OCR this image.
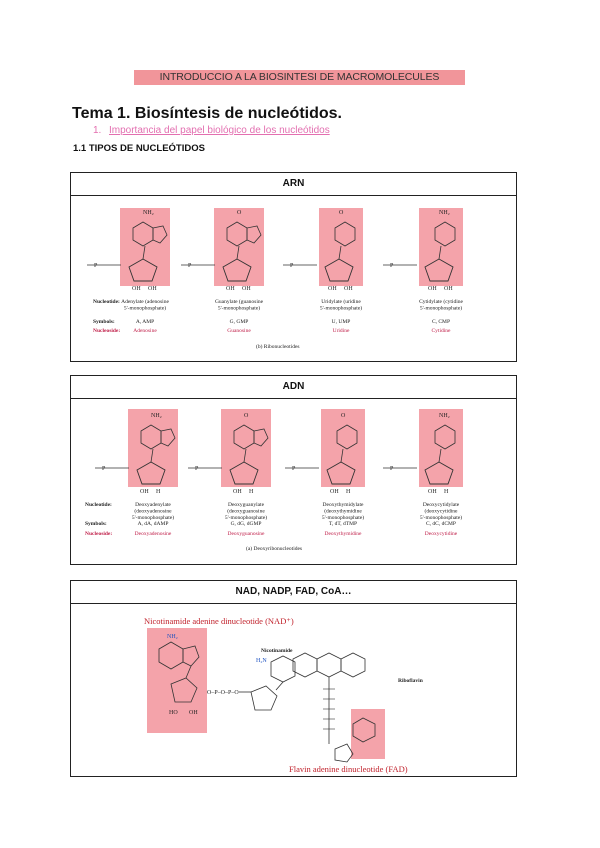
INTRODUCCIO A LA BIOSINTESI DE MACROMOLECULES
Tema 1. Biosíntesis de nucleótidos.
1. Importancia del papel biológico de los nucleótidos
1.1 TIPOS DE NUCLEÓTIDOS
ARN
P
OH OH
NH₂
Adenylate (adenosine
5'-monophosphate)
A, AMP
Adenosine
P
OH OH
O
Guanylate (guanosine
5'-monophosphate)
G, GMP
Guanosine
P
OH OH
O
Uridylate (uridine
5'-monophosphate)
U, UMP
Uridine
P
OH OH
NH₂
Cytidylate (cytidine
5'-monophosphate)
C, CMP
Cytidine
Nucleotide:
Symbols:
Nucleoside:
(b) Ribonucleotides
ADN
P
OH H
NH₂
Deoxyadenylate
(deoxyadenosine
5'-monophosphate)
A, dA, dAMP
Deoxyadenosine
P
OH H
O
Deoxyguanylate
(deoxyguanosine
5'-monophosphate)
G, dG, dGMP
Deoxyguanosine
P
OH H
O
Deoxythymidylate
(deoxythymidine
5'-monophosphate)
T, dT, dTMP
Deoxythymidine
P
OH H
NH₂
Deoxycytidylate
(deoxycytidine
5'-monophosphate)
C, dC, dCMP
Deoxycytidine
Nucleotide:
Symbols:
Nucleoside:
(a) Deoxyribonucleotides
NAD, NADP, FAD, CoA…
Nicotinamide adenine dinucleotide (NAD⁺)
Nicotinamide
Riboflavin
Flavin adenine dinucleotide (FAD)
O–P–O–P–O
NH₂
HO OH
H₂N
